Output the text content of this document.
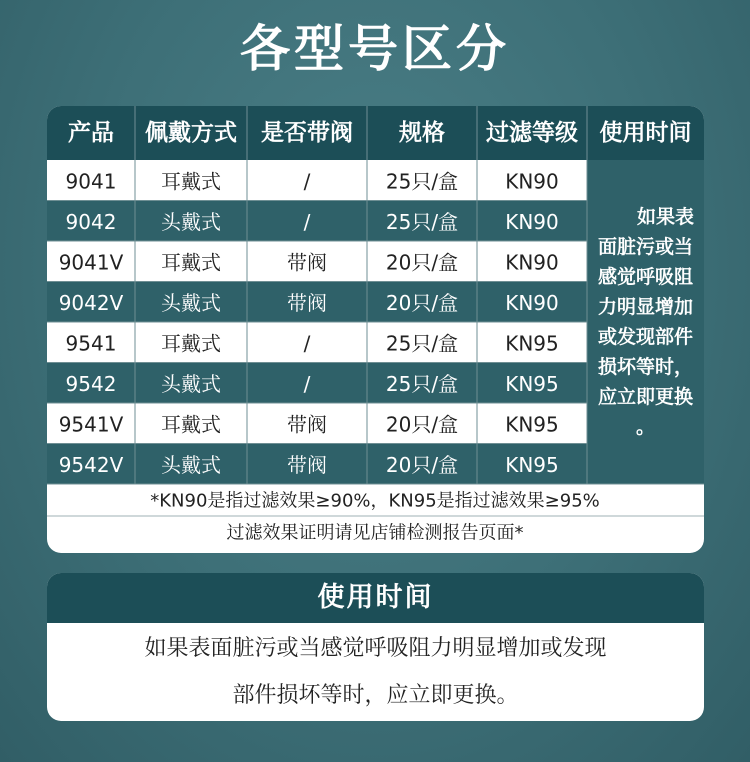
各型号区分
产品 佩戴方式 是否带阀 规格 过滤等级 使用时间
9041 耳戴式	/	25只/盒 KN90
9042 头戴式	/	25只/盒 KN90
9041V 耳戴式	带阀	20只/盒 KN90
9042V 头戴式	带阀	20只/盒 KN90
9541 耳戴式	/	25只/盒 KN95
9542 头戴式	/	25只/盒 KN95
9541V 耳戴式	带阀	20只/盒 KN95
9542V 头戴式	带阀	20只/盒 KN95
如果表
面脏污或当
感觉呼吸阻
力明显增加
或发现部件
损坏等时，
应立即更换
。
*KN90是指过滤效果≥90%，KN95是指过滤效果≥95%
过滤效果证明请见店铺检测报告页面*
使用时间
如果表面脏污或当感觉呼吸阻力明显增加或发现
部件损坏等时，应立即更换。
